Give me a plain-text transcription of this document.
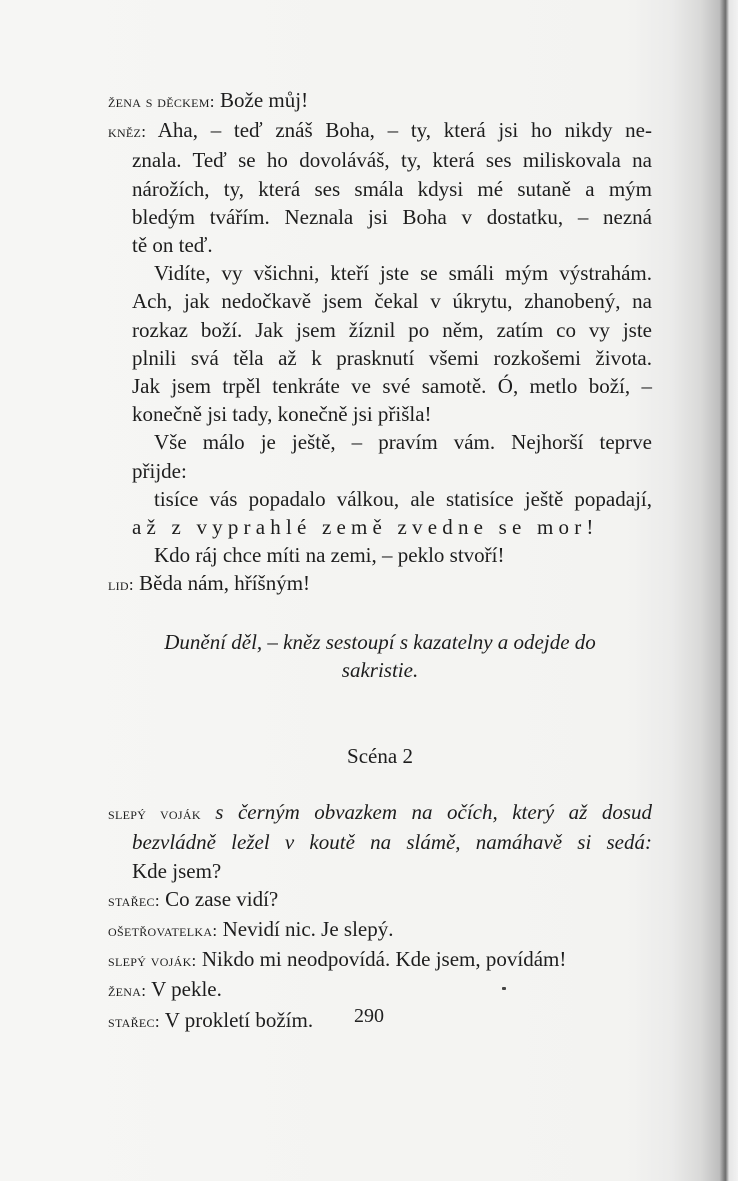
ženа s děckem: Bože můj!
kněz: Aha, – teď znáš Boha, – ty, která jsi ho nikdy ne-
znala. Teď se ho dovoláváš, ty, která ses miliskovala na
nárožích, ty, která ses smála kdysi mé sutaně a mým
bledým tvářím. Neznala jsi Boha v dostatku, – nezná
tě on teď.
Vidíte, vy všichni, kteří jste se smáli mým výstrahám.
Ach, jak nedočkavě jsem čekal v úkrytu, zhanobený, na
rozkaz boží. Jak jsem žíznil po něm, zatím co vy jste
plnili svá těla až k prasknutí všemi rozkošemi života.
Jak jsem trpěl tenkráte ve své samotě. Ó, metlo boží, –
konečně jsi tady, konečně jsi přišla!
Vše málo je ještě, – pravím vám. Nejhorší teprve
přijde:
tisíce vás popadalo válkou, ale statisíce ještě popadají,
až z vyprahlé země zvedne se mor!
Kdo ráj chce míti na zemi, – peklo stvoří!
lid: Běda nám, hříšným!
Dunění děl, – kněz sestoupí s kazatelny a odejde do
sakristie.
Scéna 2
slepý voják s černým obvazkem na očích, který až dosud
bezvládně ležel v koutě na slámě, namáhavě si sedá:
Kde jsem?
stařec: Co zase vidí?
ošetřovatelka: Nevidí nic. Je slepý.
slepý voják: Nikdo mi neodpovídá. Kde jsem, povídám!
žena: V pekle.
stařec: V prokletí božím.	290
